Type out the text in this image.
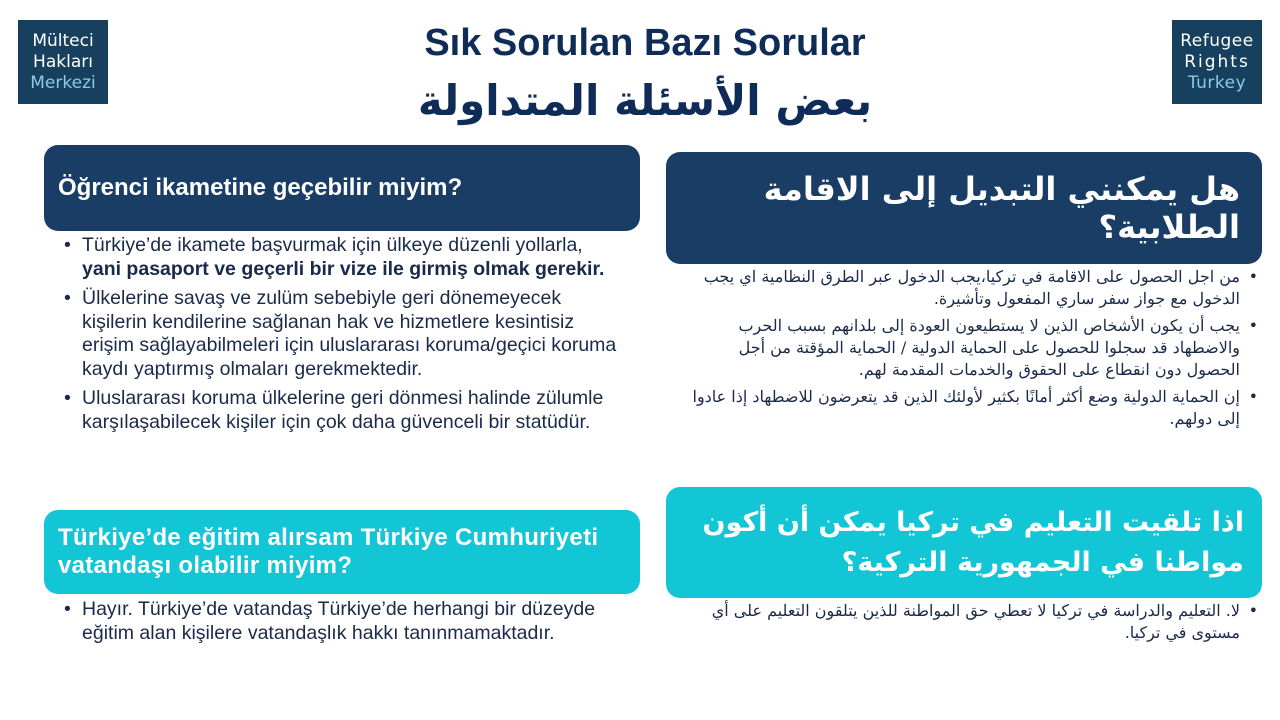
Mülteci
Hakları
Merkezi
Refugee
Rights
Turkey
Sık Sorulan Bazı Sorular
بعض الأسئلة المتداولة
Öğrenci ikametine geçebilir miyim?
• Türkiye’de ikamete başvurmak için ülkeye düzenli yollarla, yani pasaport ve geçerli bir vize ile girmiş olmak gerekir.
• Ülkelerine savaş ve zulüm sebebiyle geri dönemeyecek kişilerin kendilerine sağlanan hak ve hizmetlere kesintisiz erişim sağlayabilmeleri için uluslararası koruma/geçici koruma kaydı yaptırmış olmaları gerekmektedir.
• Uluslararası koruma ülkelerine geri dönmesi halinde zülumle karşılaşabilecek kişiler için çok daha güvenceli bir statüdür.
Türkiye’de eğitim alırsam Türkiye Cumhuriyeti vatandaşı olabilir miyim?
• Hayır. Türkiye’de vatandaş Türkiye’de herhangi bir düzeyde eğitim alan kişilere vatandaşlık hakkı tanınmamaktadır.
هل يمكنني التبديل إلى الاقامة الطلابية؟
• من اجل الحصول على الاقامة في تركيا،يجب الدخول عبر الطرق النظامية اي يجب الدخول مع جواز سفر ساري المفعول وتأشيرة.
• يجب أن يكون الأشخاص الذين لا يستطيعون العودة إلى بلدانهم بسبب الحرب والاضطهاد قد سجلوا للحصول على الحماية الدولية / الحماية المؤقتة من أجل الحصول دون انقطاع على الحقوق والخدمات المقدمة لهم.
• إن الحماية الدولية وضع أكثر أمانًا بكثير لأولئك الذين قد يتعرضون للاضطهاد إذا عادوا إلى دولهم.
اذا تلقيت التعليم في تركيا يمكن أن أكون مواطنا في الجمهورية التركية؟
• لا. التعليم والدراسة في تركيا لا تعطي حق المواطنة للذين يتلقون التعليم على أي مستوى في تركيا.
